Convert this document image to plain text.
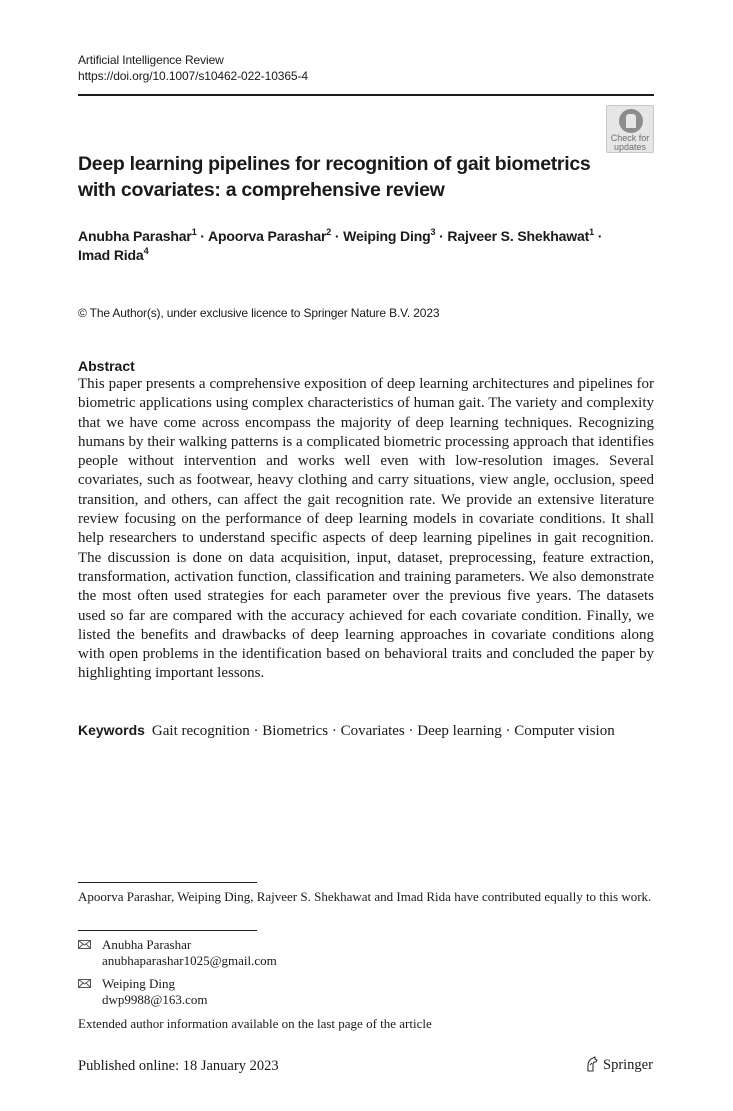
Artificial Intelligence Review
https://doi.org/10.1007/s10462-022-10365-4
Check for
updates
Deep learning pipelines for recognition of gait biometrics
with covariates: a comprehensive review
Anubha Parashar$^1$ · Apoorva Parashar$^2$ · Weiping Ding$^3$ · Rajveer S. Shekhawat$^1$ ·
Imad Rida$^4$
© The Author(s), under exclusive licence to Springer Nature B.V. 2023
Abstract
This paper presents a comprehensive exposition of deep learning architectures and pipelines for biometric applications using complex characteristics of human gait. The variety and complexity that we have come across encompass the majority of deep learning techniques. Recognizing humans by their walking patterns is a complicated biometric processing approach that identifies people without intervention and works well even with low-resolution images. Several covariates, such as footwear, heavy clothing and carry situations, view angle, occlusion, speed transition, and others, can affect the gait recognition rate. We provide an extensive literature review focusing on the performance of deep learning models in covariate conditions. It shall help researchers to understand specific aspects of deep learning pipelines in gait recognition. The discussion is done on data acquisition, input, dataset, preprocessing, feature extraction, transformation, activation function, classification and training parameters. We also demonstrate the most often used strategies for each parameter over the previous five years. The datasets used so far are compared with the accuracy achieved for each covariate condition. Finally, we listed the benefits and drawbacks of deep learning approaches in covariate conditions along with open problems in the identification based on behavioral traits and concluded the paper by highlighting important lessons.
Keywords Gait recognition · Biometrics · Covariates · Deep learning · Computer vision
Apoorva Parashar, Weiping Ding, Rajveer S. Shekhawat and Imad Rida have contributed equally to this work.
Anubha Parashar
anubhaparashar1025@gmail.com
Weiping Ding
dwp9988@163.com
Extended author information available on the last page of the article
Published online: 18 January 2023	Springer
